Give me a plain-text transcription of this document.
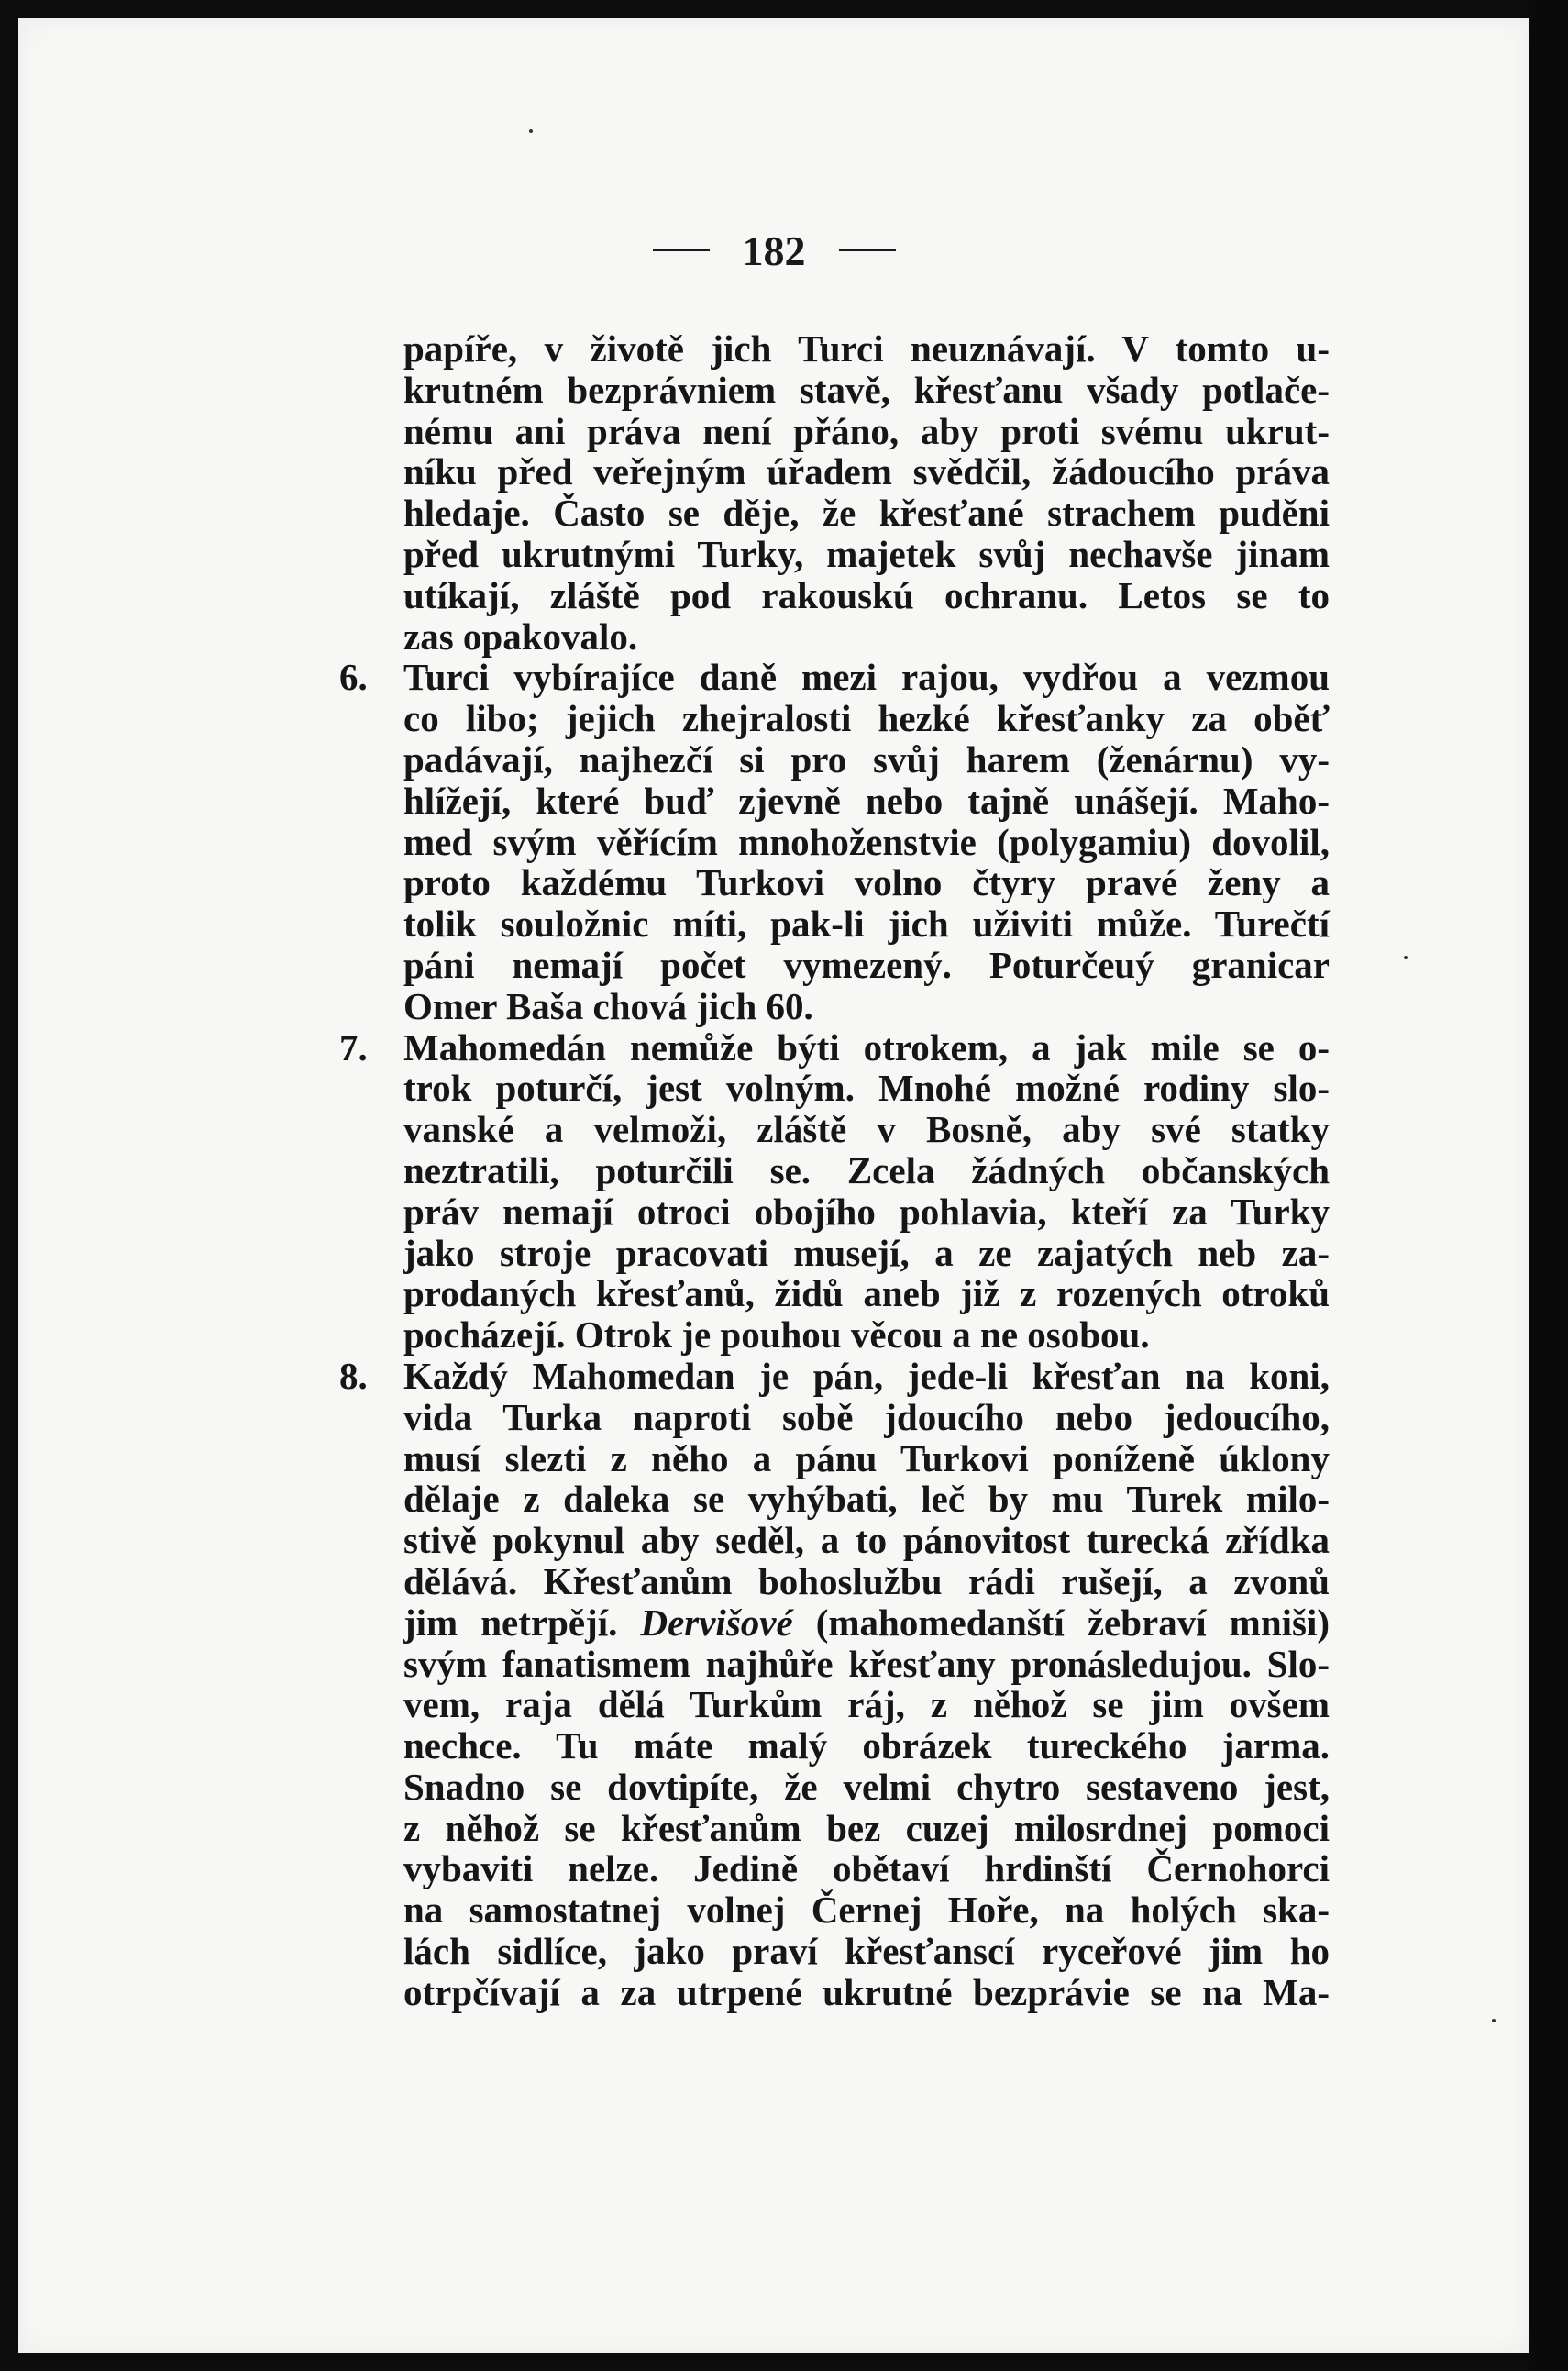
182
papíře, v životě jich Turci neuznávají. V tomto u-
krutném bezprávniem stavě, křesťanu všady potlače-
nému ani práva není přáno, aby proti svému ukrut-
níku před veřejným úřadem svědčil, žádoucího práva
hledaje. Často se děje, že křesťané strachem puděni
před ukrutnými Turky, majetek svůj nechavše jinam
utíkají, zláště pod rakouskú ochranu. Letos se to
zas opakovalo.
6. Turci vybírajíce daně mezi rajou, vydřou a vezmou
co libo; jejich zhejralosti hezké křesťanky za oběť
padávají, najhezčí si pro svůj harem (ženárnu) vy-
hlížejí, které buď zjevně nebo tajně unášejí. Maho-
med svým věřícím mnohoženstvie (polygamiu) dovolil,
proto každému Turkovi volno čtyry pravé ženy a
tolik souložnic míti, pak-li jich uživiti může. Turečtí
páni nemají počet vymezený. Poturčeuý granicar
Omer Baša chová jich 60.
7. Mahomedán nemůže býti otrokem, a jak mile se o-
trok poturčí, jest volným. Mnohé možné rodiny slo-
vanské a velmoži, zláště v Bosně, aby své statky
neztratili, poturčili se. Zcela žádných občanských
práv nemají otroci obojího pohlavia, kteří za Turky
jako stroje pracovati musejí, a ze zajatých neb za-
prodaných křesťanů, židů aneb již z rozených otroků
pocházejí. Otrok je pouhou věcou a ne osobou.
8. Každý Mahomedan je pán, jede-li křesťan na koni,
vida Turka naproti sobě jdoucího nebo jedoucího,
musí slezti z něho a pánu Turkovi poníženě úklony
dělaje z daleka se vyhýbati, leč by mu Turek milo-
stivě pokynul aby seděl, a to pánovitost turecká zřídka
dělává. Křesťanům bohoslužbu rádi rušejí, a zvonů
jim netrpějí. Dervišové (mahomedanští žebraví mniši)
svým fanatismem najhůře křesťany pronásledujou. Slo-
vem, raja dělá Turkům ráj, z něhož se jim ovšem
nechce. Tu máte malý obrázek tureckého jarma.
Snadno se dovtipíte, že velmi chytro sestaveno jest,
z něhož se křesťanům bez cuzej milosrdnej pomoci
vybaviti nelze. Jedině obětaví hrdinští Černohorci
na samostatnej volnej Černej Hoře, na holých ska-
lách sidlíce, jako praví křesťanscí ryceřové jim ho
otrpčívají a za utrpené ukrutné bezprávie se na Ma-
